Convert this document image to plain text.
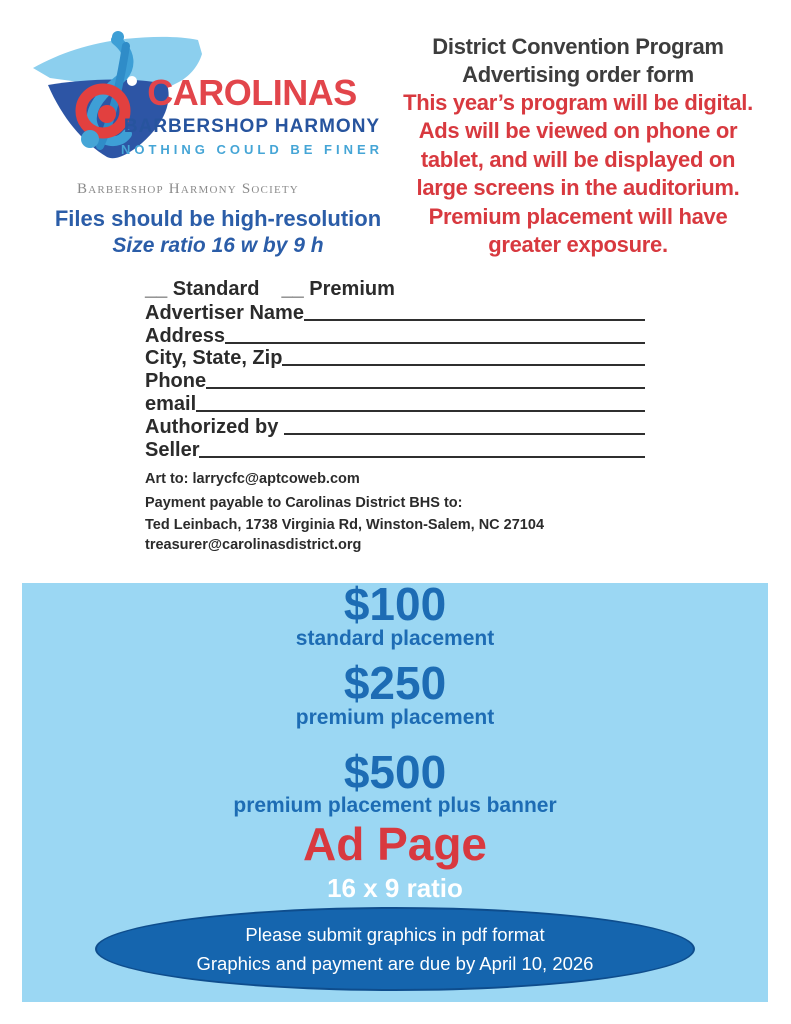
CAROLINAS
BARBERSHOP HARMONY
NOTHING COULD BE FINER
Barbershop Harmony Society
Files should be high-resolution
Size ratio 16 w by 9 h
District Convention Program
Advertising order form
This year’s program will be digital.
Ads will be viewed on phone or
tablet, and will be displayed on
large screens in the auditorium.
Premium placement will have
greater exposure.
__ Standard __ Premium
Advertiser Name
Address
City, State, Zip
Phone
email
Authorized by
Seller
Art to: larrycfc@aptcoweb.com
Payment payable to Carolinas District BHS to:
Ted Leinbach, 1738 Virginia Rd, Winston-Salem, NC 27104
treasurer@carolinasdistrict.org
$100
standard placement
$250
premium placement
$500
premium placement plus banner
Ad Page
16 x 9 ratio
Please submit graphics in pdf format
Graphics and payment are due by April 10, 2026
